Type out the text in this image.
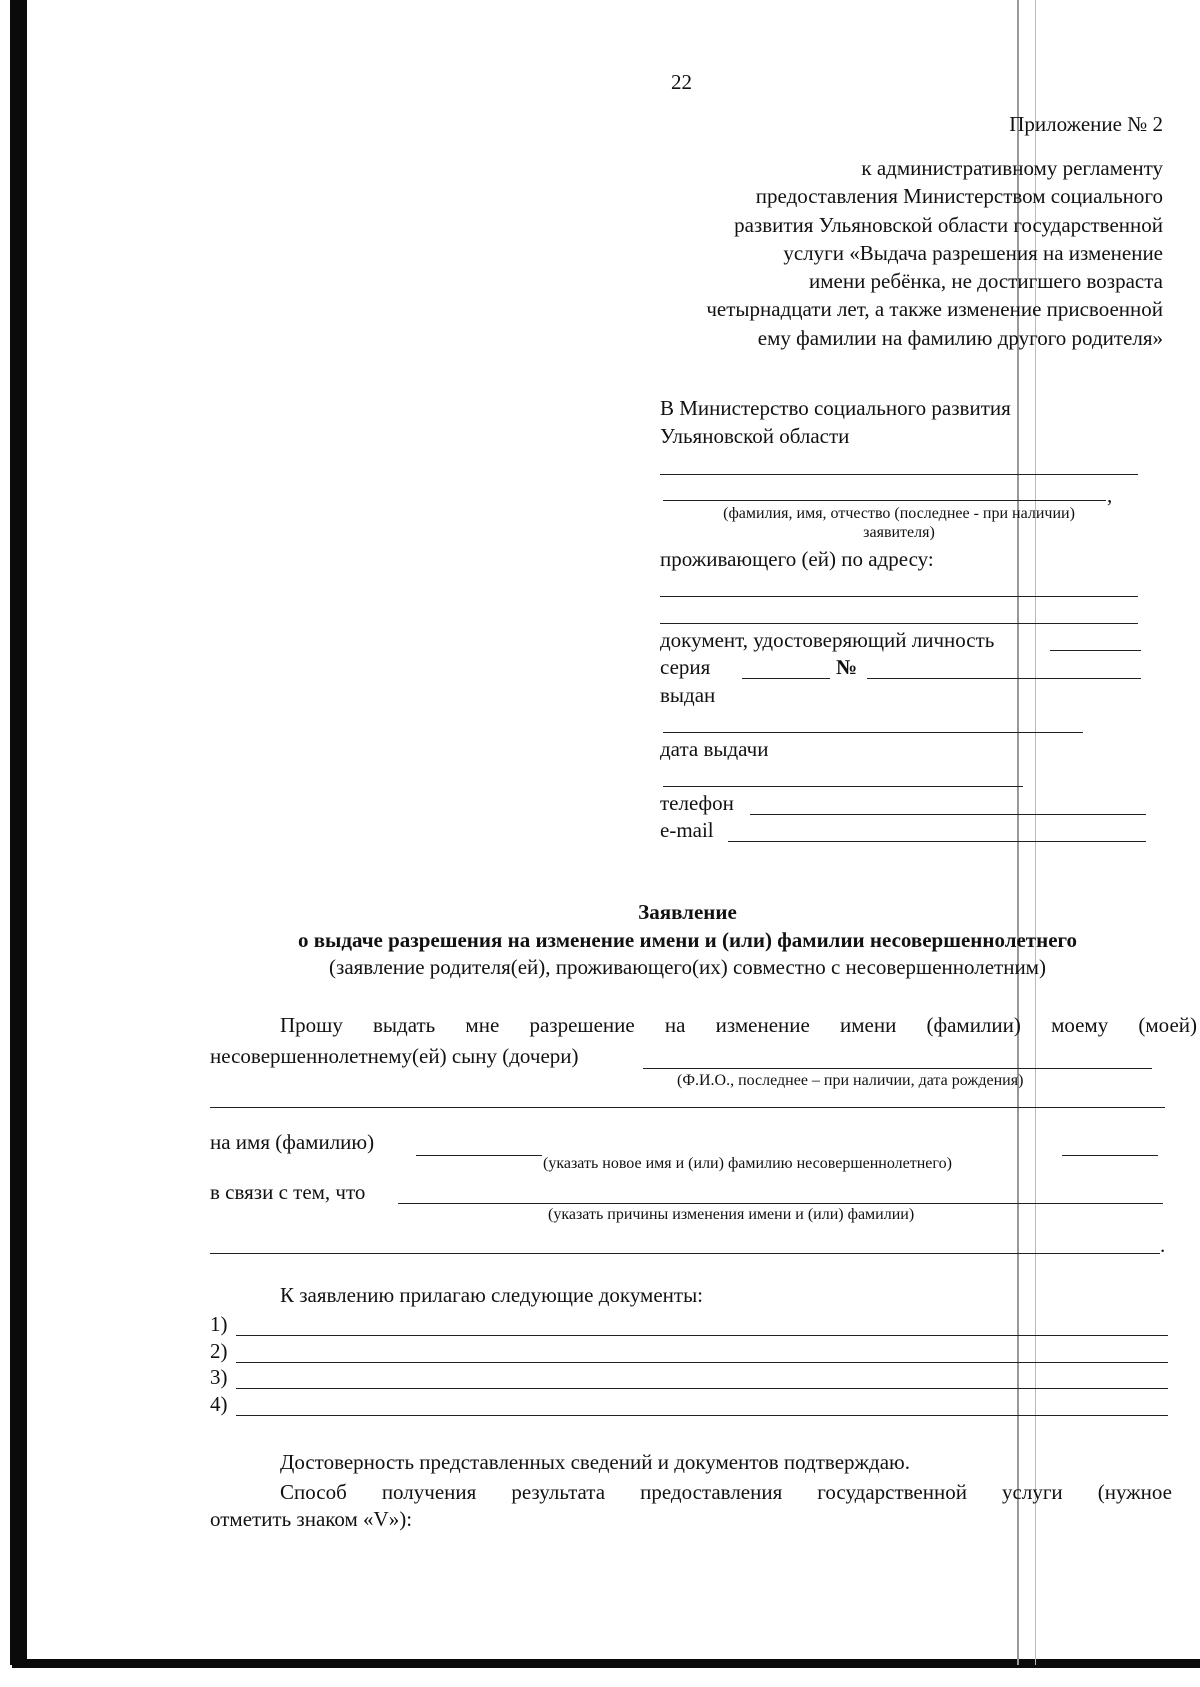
22
Приложение № 2
к административному регламенту
предоставления Министерством социального
развития Ульяновской области государственной
услуги «Выдача разрешения на изменение
имени ребёнка, не достигшего возраста
четырнадцати лет, а также изменение присвоенной
ему фамилии на фамилию другого родителя»
В Министерство социального развития
Ульяновской области
,
(фамилия, имя, отчество (последнее - при наличии)
заявителя)
проживающего (ей) по адресу:
документ, удостоверяющий личность
серия	№
выдан
дата выдачи
телефон
e-mail
Заявление
о выдаче разрешения на изменение имени и (или) фамилии несовершеннолетнего
(заявление родителя(ей), проживающего(их) совместно с несовершеннолетним)
Прошу выдать мне разрешение на изменение имени (фамилии) моему (моей)
несовершеннолетнему(ей) сыну (дочери)
(Ф.И.О., последнее – при наличии, дата рождения)
на имя (фамилию)
(указать новое имя и (или) фамилию несовершеннолетнего)
в связи с тем, что
(указать причины изменения имени и (или) фамилии)
.
К заявлению прилагаю следующие документы:
1)
2)
3)
4)
Достоверность представленных сведений и документов подтверждаю.
Способ получения результата предоставления государственной услуги (нужное
отметить знаком «V»):
